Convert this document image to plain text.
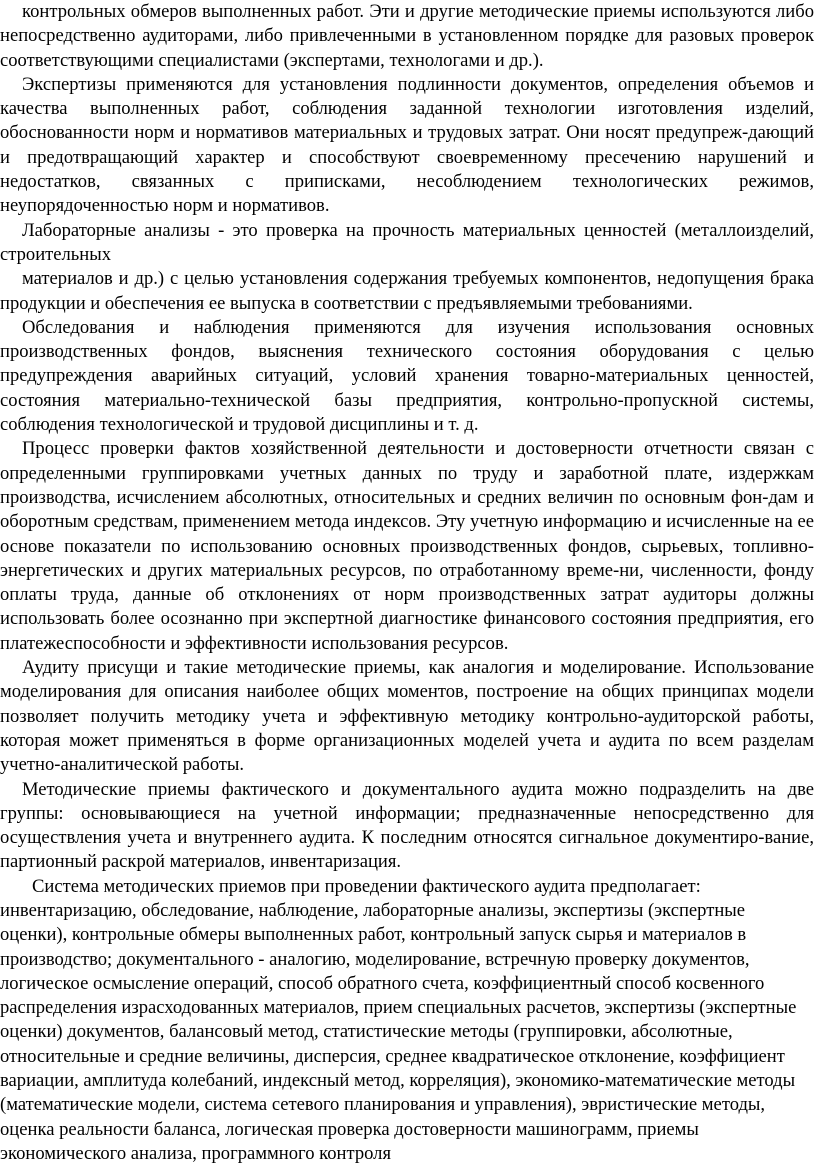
контрольных обмеров выполненных работ. Эти и другие методические приемы используются либо непосредственно аудиторами, либо привлеченными в установленном порядке для разовых проверок соответствующими специалистами (экспертами, технологами и др.).

Экспертизы применяются для установления подлинности документов, определения объемов и качества выполненных работ, соблюдения заданной технологии изготовления изделий, обоснованности норм и нормативов материальных и трудовых затрат. Они носят предупреж-дающий и предотвращающий характер и способствуют своевременному пресечению нарушений и недостатков, связанных с приписками, несоблюдением технологических режимов, неупорядоченностью норм и нормативов.

Лабораторные анализы - это проверка на прочность материальных ценностей (металлоизделий, строительных

материалов и др.) с целью установления содержания требуемых компонентов, недопущения брака продукции и обеспечения ее выпуска в соответствии с предъявляемыми требованиями.

Обследования и наблюдения применяются для изучения использования основных производственных фондов, выяснения технического состояния оборудования с целью предупреждения аварийных ситуаций, условий хранения товарно-материальных ценностей, состояния материально-технической базы предприятия, контрольно-пропускной системы, соблюдения технологической и трудовой дисциплины и т. д.

Процесс проверки фактов хозяйственной деятельности и достоверности отчетности связан с определенными группировками учетных данных по труду и заработной плате, издержкам производства, исчислением абсолютных, относительных и средних величин по основным фон-дам и оборотным средствам, применением метода индексов. Эту учетную информацию и исчисленные на ее основе показатели по использованию основных производственных фондов, сырьевых, топливно-энергетических и других материальных ресурсов, по отработанному време-ни, численности, фонду оплаты труда, данные об отклонениях от норм производственных затрат аудиторы должны использовать более осознанно при экспертной диагностике финансового состояния предприятия, его платежеспособности и эффективности использования ресурсов.

Аудиту присущи и такие методические приемы, как аналогия и моделирование. Использование моделирования для описания наиболее общих моментов, построение на общих принципах модели позволяет получить методику учета и эффективную методику контрольно-аудиторской работы, которая может применяться в форме организационных моделей учета и аудита по всем разделам учетно-аналитической работы.

Методические приемы фактического и документального аудита можно подразделить на две группы: основывающиеся на учетной информации; предназначенные непосредственно для осуществления учета и внутреннего аудита. К последним относятся сигнальное документиро-вание, партионный раскрой материалов, инвентаризация.

Система методических приемов при проведении фактического аудита предполагает: инвентаризацию, обследование, наблюдение, лабораторные анализы, экспертизы (экспертные оценки), контрольные обмеры выполненных работ, контрольный запуск сырья и материалов в производство; документального - аналогию, моделирование, встречную проверку документов, логическое осмысление операций, способ обратного счета, коэффициентный способ косвенного распределения израсходованных материалов, прием специальных расчетов, экспертизы (экспертные оценки) документов, балансовый метод, статистические методы (группировки, абсолютные, относительные и средние величины, дисперсия, среднее квадратическое отклонение, коэффициент вариации, амплитуда колебаний, индексный метод, корреляция), экономико-математические методы (математические модели, система сетевого планирования и управления), эвристические методы, оценка реальности баланса, логическая проверка достоверности машинограмм, приемы экономического анализа, программного контроля
